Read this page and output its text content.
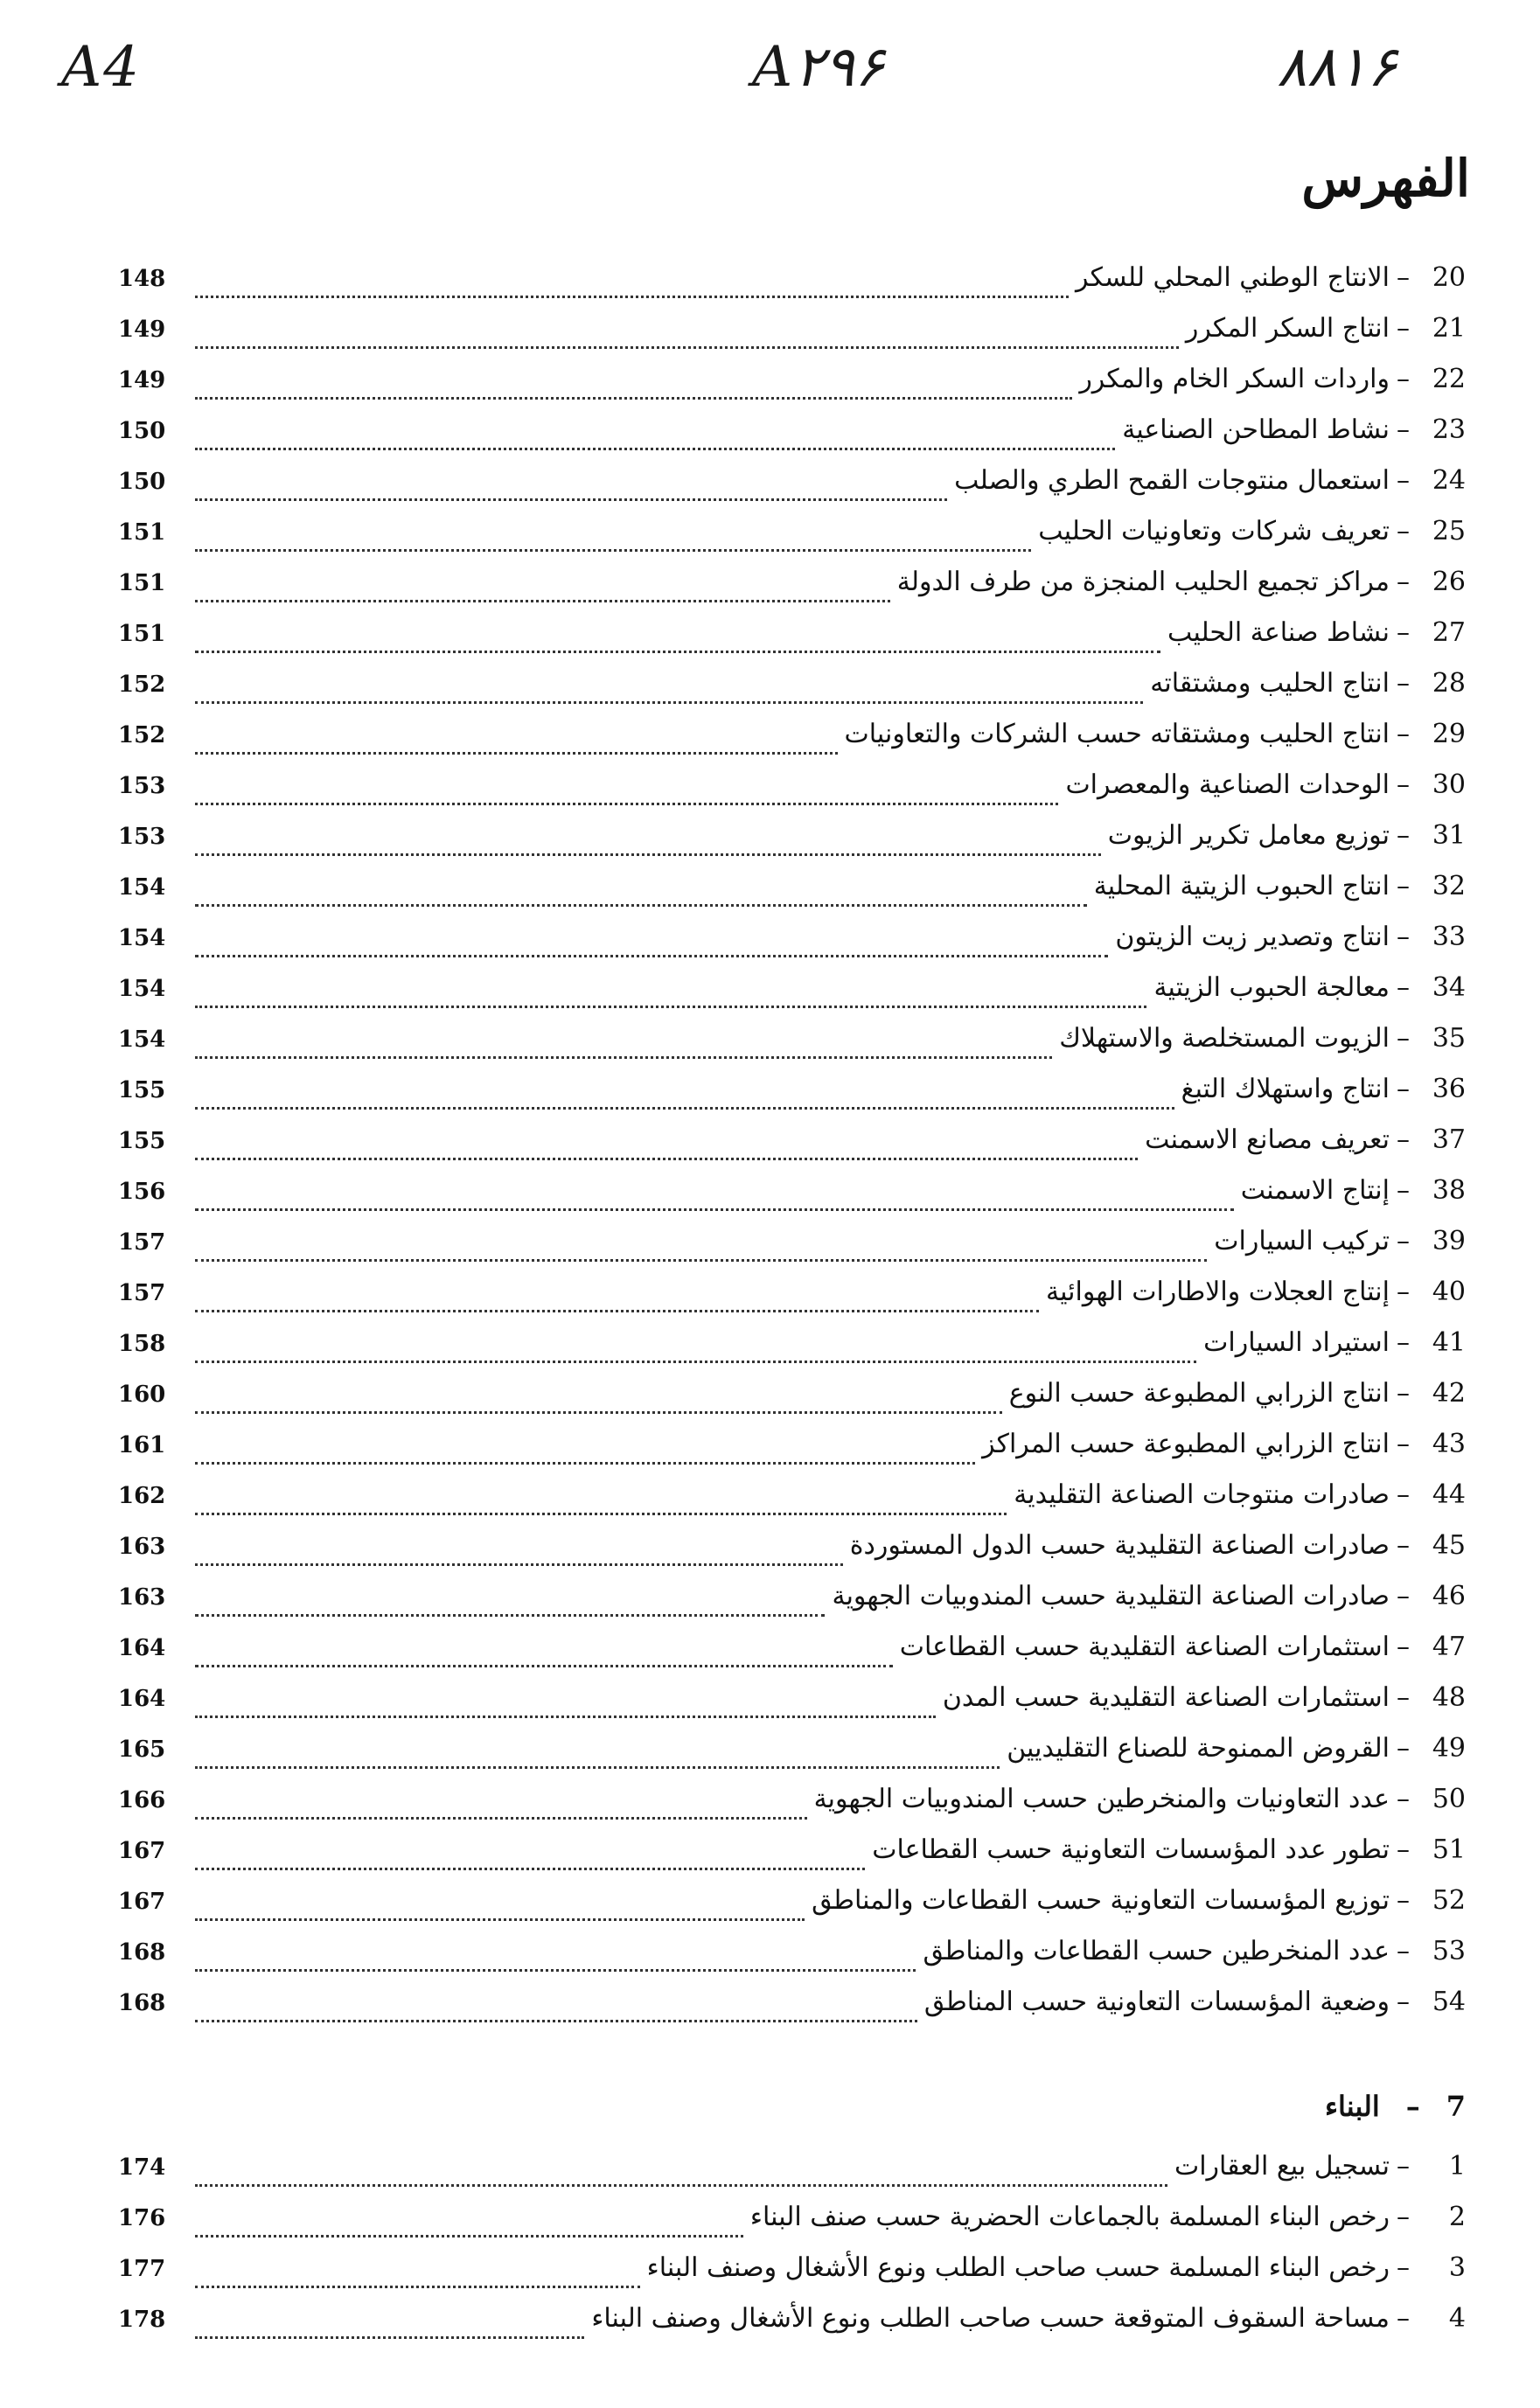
A4	A۲۹۶	۸۸۱۶
الفهرس
20
–
الانتاج الوطني المحلي للسكر
148
21
–
انتاج السكر المكرر
149
22
–
واردات السكر الخام والمكرر
149
23
–
نشاط المطاحن الصناعية
150
24
–
استعمال منتوجات القمح الطري والصلب
150
25
–
تعريف شركات وتعاونيات الحليب
151
26
–
مراكز تجميع الحليب المنجزة من طرف الدولة
151
27
–
نشاط صناعة الحليب
151
28
–
انتاج الحليب ومشتقاته
152
29
–
انتاج الحليب ومشتقاته حسب الشركات والتعاونيات
152
30
–
الوحدات الصناعية والمعصرات
153
31
–
توزيع معامل تكرير الزيوت
153
32
–
انتاج الحبوب الزيتية المحلية
154
33
–
انتاج وتصدير زيت الزيتون
154
34
–
معالجة الحبوب الزيتية
154
35
–
الزيوت المستخلصة والاستهلاك
154
36
–
انتاج واستهلاك التبغ
155
37
–
تعريف مصانع الاسمنت
155
38
–
إنتاج الاسمنت
156
39
–
تركيب السيارات
157
40
–
إنتاج العجلات والاطارات الهوائية
157
41
–
استيراد السيارات
158
42
–
انتاج الزرابي المطبوعة حسب النوع
160
43
–
انتاج الزرابي المطبوعة حسب المراكز
161
44
–
صادرات منتوجات الصناعة التقليدية
162
45
–
صادرات الصناعة التقليدية حسب الدول المستوردة
163
46
–
صادرات الصناعة التقليدية حسب المندوبيات الجهوية
163
47
–
استثمارات الصناعة التقليدية حسب القطاعات
164
48
–
استثمارات الصناعة التقليدية حسب المدن
164
49
–
القروض الممنوحة للصناع التقليديين
165
50
–
عدد التعاونيات والمنخرطين حسب المندوبيات الجهوية
166
51
–
تطور عدد المؤسسات التعاونية حسب القطاعات
167
52
–
توزيع المؤسسات التعاونية حسب القطاعات والمناطق
167
53
–
عدد المنخرطين حسب القطاعات والمناطق
168
54
–
وضعية المؤسسات التعاونية حسب المناطق
168
7
–
البناء
1
–
تسجيل بيع العقارات
174
2
–
رخص البناء المسلمة بالجماعات الحضرية حسب صنف البناء
176
3
–
رخص البناء المسلمة حسب صاحب الطلب ونوع الأشغال وصنف البناء
177
4
–
مساحة السقوف المتوقعة حسب صاحب الطلب ونوع الأشغال وصنف البناء
178
